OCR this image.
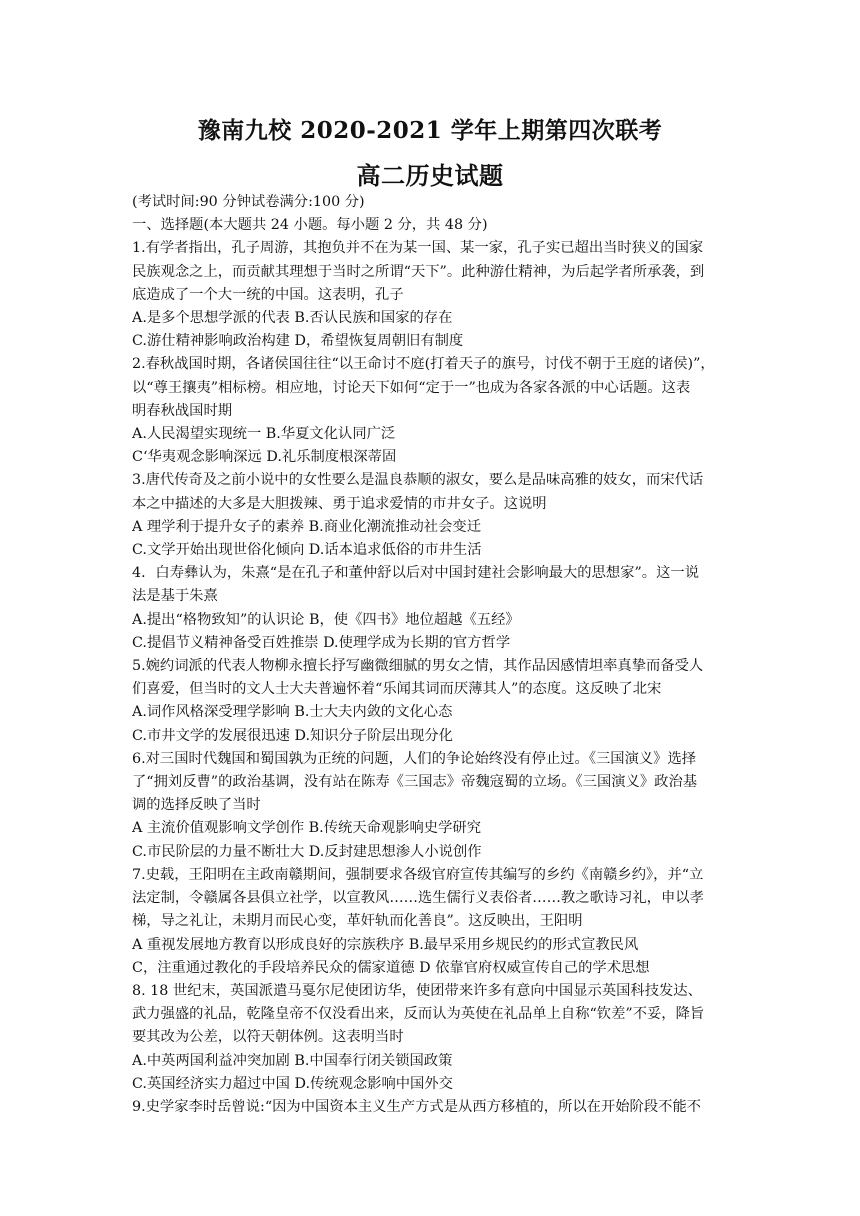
豫南九校 2020-2021 学年上期第四次联考
高二历史试题
(考试时间:90 分钟试卷满分:100 分)
一、选择题(本大题共 24 小题。每小题 2 分，共 48 分)
1.有学者指出，孔子周游，其抱负并不在为某一国、某一家，孔子实已超出当时狭义的国家
民族观念之上，而贡献其理想于当时之所谓“天下”。此种游仕精神，为后起学者所承袭，到
底造成了一个大一统的中国。这表明，孔子
A.是多个思想学派的代表 B.否认民族和国家的存在
C.游仕精神影响政治构建 D，希望恢复周朝旧有制度
2.春秋战国时期，各诸侯国往往“以王命讨不庭(打着天子的旗号，讨伐不朝于王庭的诸侯)”，
以“尊王攘夷”相标榜。相应地，讨论天下如何“定于一”也成为各家各派的中心话题。这表
明春秋战国时期
A.人民渴望实现统一 B.华夏文化认同广泛
C‘华夷观念影响深远 D.礼乐制度根深蒂固
3.唐代传奇及之前小说中的女性要么是温良恭顺的淑女，要么是品味高雅的妓女，而宋代话
本之中描述的大多是大胆拨辣、勇于追求爱情的市井女子。这说明
A 理学利于提升女子的素养 B.商业化潮流推动社会变迁
C.文学开始出现世俗化倾向 D.话本追求低俗的市井生活
4．白寿彝认为，朱熹“是在孔子和董仲舒以后对中国封建社会影响最大的思想家”。这一说
法是基于朱熹
A.提出“格物致知”的认识论 B，使《四书》地位超越《五经》
C.提倡节义精神备受百姓推崇 D.使理学成为长期的官方哲学
5.婉约词派的代表人物柳永擅长抒写幽微细腻的男女之情，其作品因感情坦率真挚而备受人
们喜爱，但当时的文人士大夫普遍怀着“乐闻其词而厌薄其人”的态度。这反映了北宋
A.词作风格深受理学影响 B.士大夫内敛的文化心态
C.市井文学的发展很迅速 D.知识分子阶层出现分化
6.对三国时代魏国和蜀国孰为正统的问题，人们的争论始终没有停止过。《三国演义》选择
了“拥刘反曹”的政治基调，没有站在陈寿《三国志》帝魏寇蜀的立场。《三国演义》政治基
调的选择反映了当时
A 主流价值观影响文学创作 B.传统天命观影响史学研究
C.市民阶层的力量不断壮大 D.反封建思想渗人小说创作
7.史载，王阳明在主政南赣期间，强制要求各级官府宣传其编写的乡约《南赣乡约》，并“立
法定制，令赣属各县俱立社学，以宣教风……选生儒行义表俗者……教之歌诗习礼，申以孝
梯，导之礼让，未期月而民心变，革奸轨而化善良”。这反映出，王阳明
A 重视发展地方教育以形成良好的宗族秩序 B.最早采用乡规民约的形式宣教民风
C，注重通过教化的手段培养民众的儒家道德 D 依靠官府权威宣传自己的学术思想
8. 18 世纪末，英国派遣马戛尔尼使团访华，使团带来许多有意向中国显示英国科技发达、
武力强盛的礼品，乾隆皇帝不仅没看出来，反而认为英使在礼品单上自称“钦差”不妥，降旨
要其改为公差，以符天朝体例。这表明当时
A.中英两国利益冲突加剧 B.中国奉行闭关锁国政策
C.英国经济实力超过中国 D.传统观念影响中国外交
9.史学家李时岳曾说:“因为中国资本主义生产方式是从西方移植的，所以在开始阶段不能不
